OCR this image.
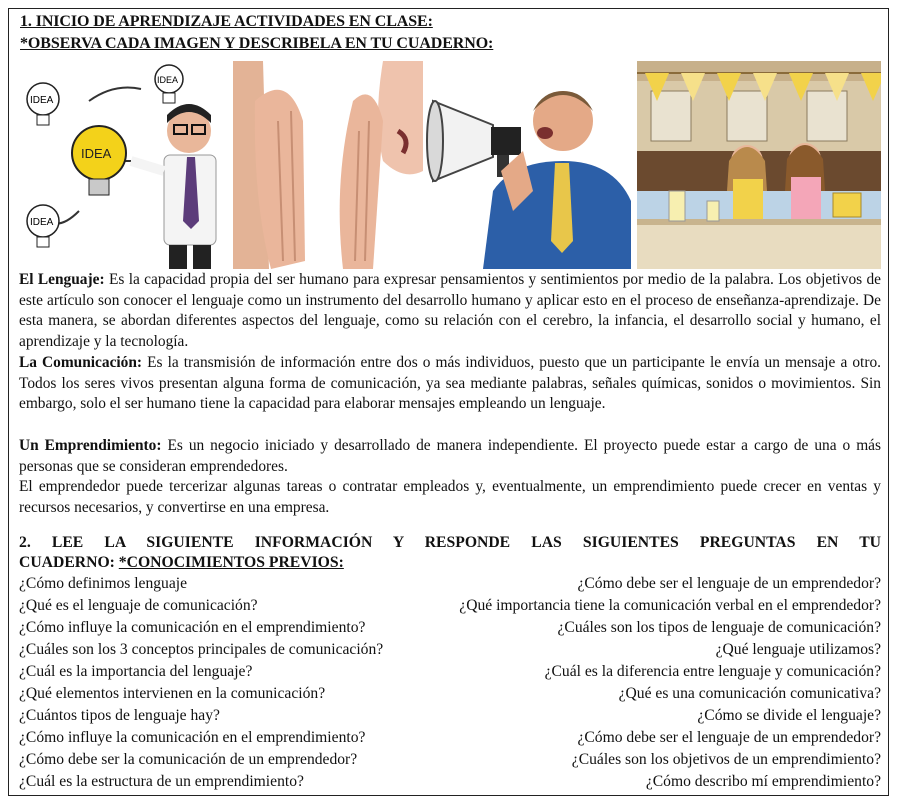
1. INICIO DE APRENDIZAJE ACTIVIDADES EN CLASE:
*OBSERVA CADA IMAGEN Y DESCRIBELA EN TU CUADERNO:
IDEA
IDEA
IDEA
IDEA
El Lenguaje: Es la capacidad propia del ser humano para expresar pensamientos y sentimientos por medio de la palabra. Los objetivos de este artículo son conocer el lenguaje como un instrumento del desarrollo humano y aplicar esto en el proceso de enseñanza-aprendizaje. De esta manera, se abordan diferentes aspectos del lenguaje, como su relación con el cerebro, la infancia, el desarrollo social y humano, el aprendizaje y la tecnología.
La Comunicación: Es la transmisión de información entre dos o más individuos, puesto que un participante le envía un mensaje a otro. Todos los seres vivos presentan alguna forma de comunicación, ya sea mediante palabras, señales químicas, sonidos o movimientos. Sin embargo, solo el ser humano tiene la capacidad para elaborar mensajes empleando un lenguaje.
Un Emprendimiento: Es un negocio iniciado y desarrollado de manera independiente. El proyecto puede estar a cargo de una o más personas que se consideran emprendedores.
El emprendedor puede tercerizar algunas tareas o contratar empleados y, eventualmente, un emprendimiento puede crecer en ventas y recursos necesarios, y convertirse en una empresa.
2. LEE LA SIGUIENTE INFORMACIÓN Y RESPONDE LAS SIGUIENTES PREGUNTAS EN TU
CUADERNO: *CONOCIMIENTOS PREVIOS:
¿Cómo definimos lenguaje	¿Cómo debe ser el lenguaje de un emprendedor?
¿Qué es el lenguaje de comunicación?	¿Qué importancia tiene la comunicación verbal en el emprendedor?
¿Cómo influye la comunicación en el emprendimiento?	¿Cuáles son los tipos de lenguaje de comunicación?
¿Cuáles son los 3 conceptos principales de comunicación?	¿Qué lenguaje utilizamos?
¿Cuál es la importancia del lenguaje?	¿Cuál es la diferencia entre lenguaje y comunicación?
¿Qué elementos intervienen en la comunicación?	¿Qué es una comunicación comunicativa?
¿Cuántos tipos de lenguaje hay?	¿Cómo se divide el lenguaje?
¿Cómo influye la comunicación en el emprendimiento?	¿Cómo debe ser el lenguaje de un emprendedor?
¿Cómo debe ser la comunicación de un emprendedor?	¿Cuáles son los objetivos de un emprendimiento?
¿Cuál es la estructura de un emprendimiento?	¿Cómo describo mí emprendimiento?
